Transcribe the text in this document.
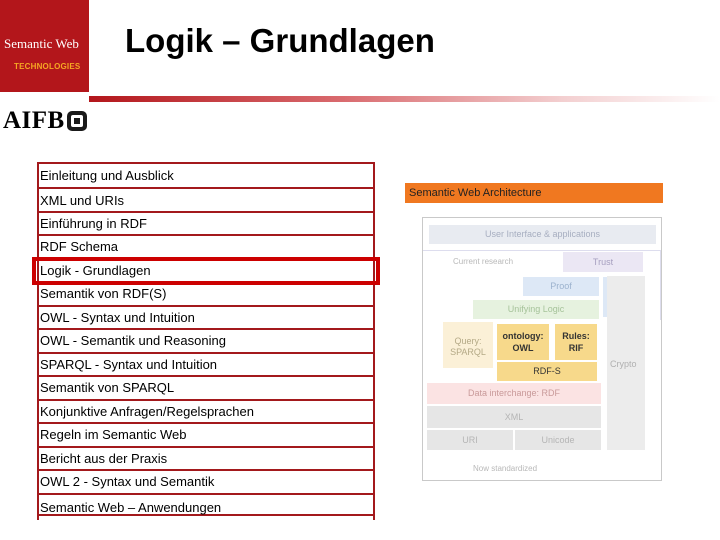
Semantic Web
TECHNOLOGIES
Logik – Grundlagen
AIFB
Einleitung und Ausblick
XML und URIs
Einführung in RDF
RDF Schema
Logik - Grundlagen
Semantik von RDF(S)
OWL - Syntax und Intuition
OWL - Semantik und Reasoning
SPARQL - Syntax und Intuition
Semantik von SPARQL
Konjunktive Anfragen/Regelsprachen
Regeln im Semantic Web
Bericht aus der Praxis
OWL 2 - Syntax und Semantik
Semantic Web – Anwendungen
Semantic Web Architecture
User Interface & applications
Current research	Trust
Proof
Unifying Logic
Crypto
Query: SPARQL
ontology: OWL
Rules: RIF
RDF-S
Data interchange: RDF
XML
URI	Unicode
Now standardized
